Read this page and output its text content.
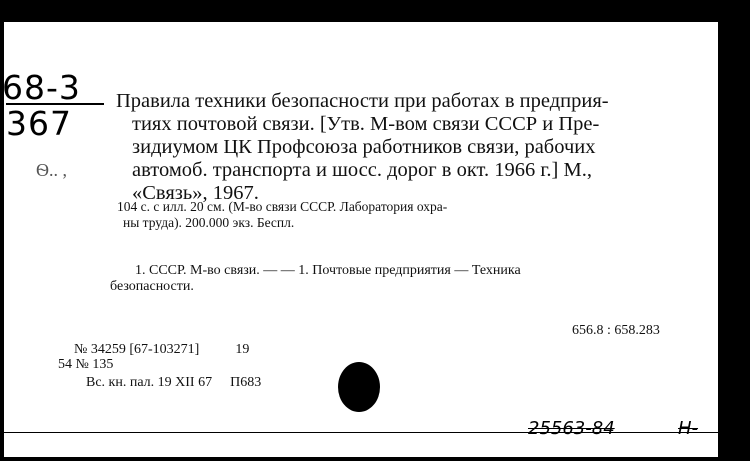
68-3
367
Ѳ.. ,
Правила техники безопасности при работах в предприя-
тиях почтовой связи. [Утв. М-вом связи СССР и Пре-
зидиумом ЦК Профсоюза работников связи, рабочих
автомоб. транспорта и шосс. дорог в окт. 1966 г.] М.,
«Связь», 1967.
104 с. с илл. 20 см. (М-во связи СССР. Лаборатория охра-
ны труда). 200.000 экз. Беспл.
1. СССР. М-во связи. — — 1. Почтовые предприятия — Техника
безопасности.
656.8 : 658.283
№ 34259 [67-103271]	19
54 № 135
Вс. кн. пал. 19 XII 67 П683
25563-84	H-
